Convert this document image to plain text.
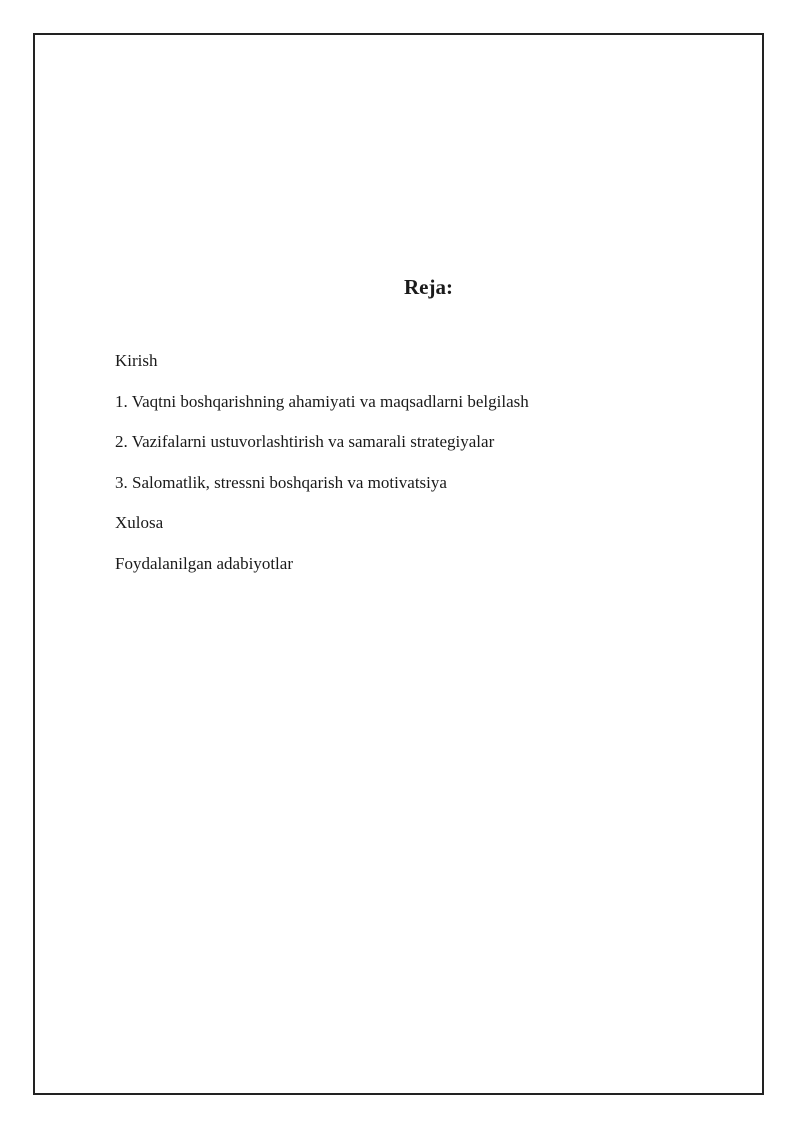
Reja:
Kirish
1. Vaqtni boshqarishning ahamiyati va maqsadlarni belgilash
2. Vazifalarni ustuvorlashtirish va samarali strategiyalar
3. Salomatlik, stressni boshqarish va motivatsiya
Xulosa
Foydalanilgan adabiyotlar
